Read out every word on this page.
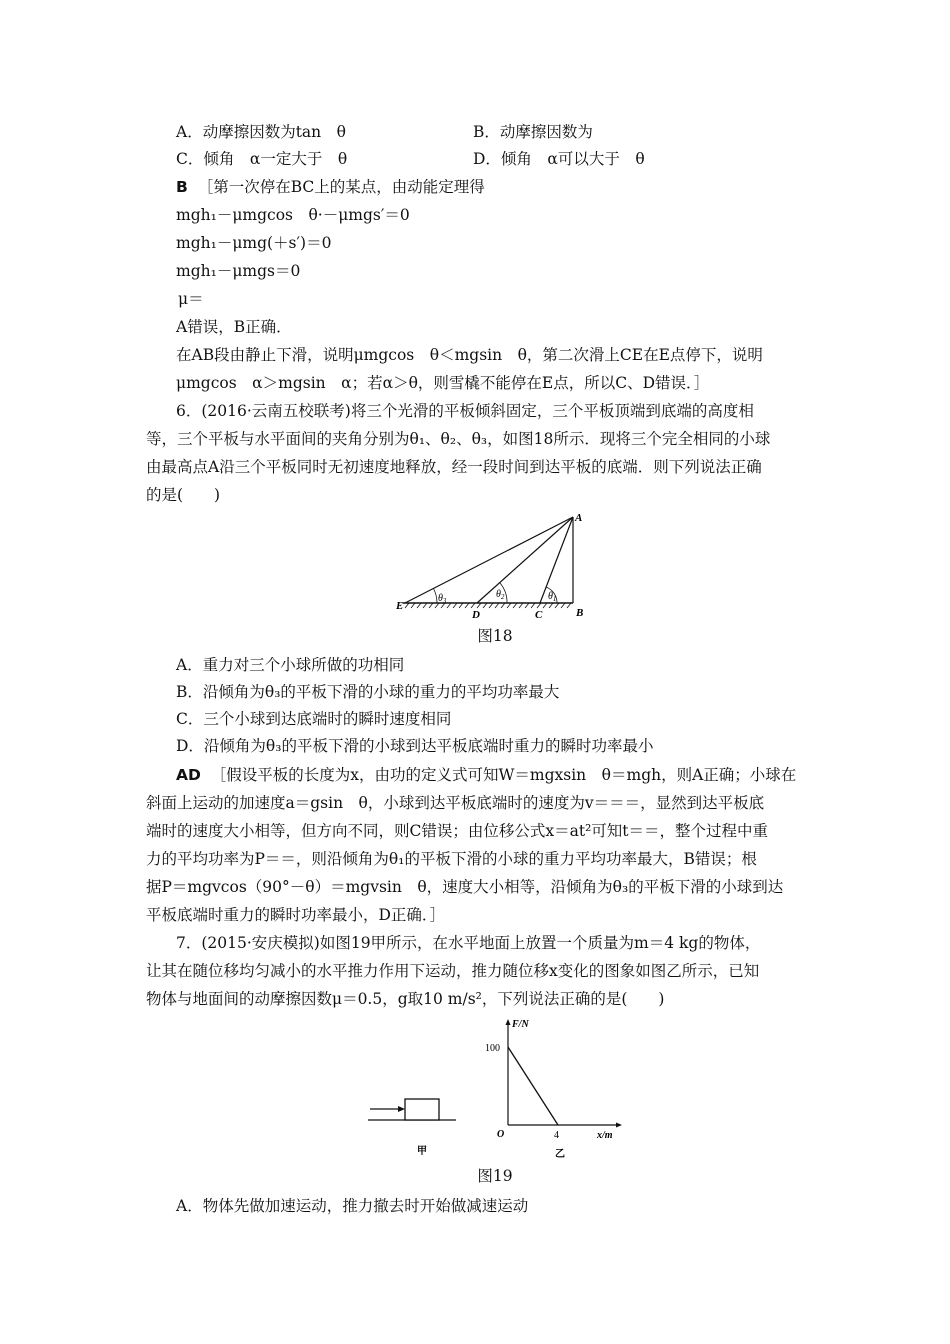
A．动摩擦因数为tan　θ	B．动摩擦因数为
C．倾角　α一定大于　θ	D．倾角　α可以大于　θ
B ［第一次停在BC上的某点，由动能定理得
mgh₁－μmgcos　θ·－μmgs′＝0
mgh₁－μmg(＋s′)＝0
mgh₁－μmgs＝0
μ＝
A错误，B正确．
在AB段由静止下滑，说明μmgcos　θ＜mgsin　θ，第二次滑上CE在E点停下，说明
μmgcos　α＞mgsin　α；若α＞θ，则雪橇不能停在E点，所以C、D错误．］
6．(2016·云南五校联考)将三个光滑的平板倾斜固定，三个平板顶端到底端的高度相
等，三个平板与水平面间的夹角分别为θ₁、θ₂、θ₃，如图18所示．现将三个完全相同的小球
由最高点A沿三个平板同时无初速度地释放，经一段时间到达平板的底端．则下列说法正确
的是(　　)
A
B
C
D
E
$\theta_1$
$\theta_2$
$\theta_3$
图18
A．重力对三个小球所做的功相同
B．沿倾角为θ₃的平板下滑的小球的重力的平均功率最大
C．三个小球到达底端时的瞬时速度相同
D．沿倾角为θ₃的平板下滑的小球到达平板底端时重力的瞬时功率最小
AD ［假设平板的长度为x，由功的定义式可知W＝mgxsin　θ＝mgh，则A正确；小球在
斜面上运动的加速度a＝gsin　θ，小球到达平板底端时的速度为v＝＝＝，显然到达平板底
端时的速度大小相等，但方向不同，则C错误；由位移公式x＝at²可知t＝＝，整个过程中重
力的平均功率为P＝＝，则沿倾角为θ₁的平板下滑的小球的重力平均功率最大，B错误；根
据P＝mgvcos（90°－θ）＝mgvsin　θ，速度大小相等，沿倾角为θ₃的平板下滑的小球到达
平板底端时重力的瞬时功率最小，D正确．］
7．(2015·安庆模拟)如图19甲所示，在水平地面上放置一个质量为m＝4 kg的物体，
让其在随位移均匀减小的水平推力作用下运动，推力随位移x变化的图象如图乙所示，已知
物体与地面间的动摩擦因数μ＝0.5，g取10 m/s²，下列说法正确的是(　　)
甲
F/N
100
4
O	x/m
乙
图19
A．物体先做加速运动，推力撤去时开始做减速运动
